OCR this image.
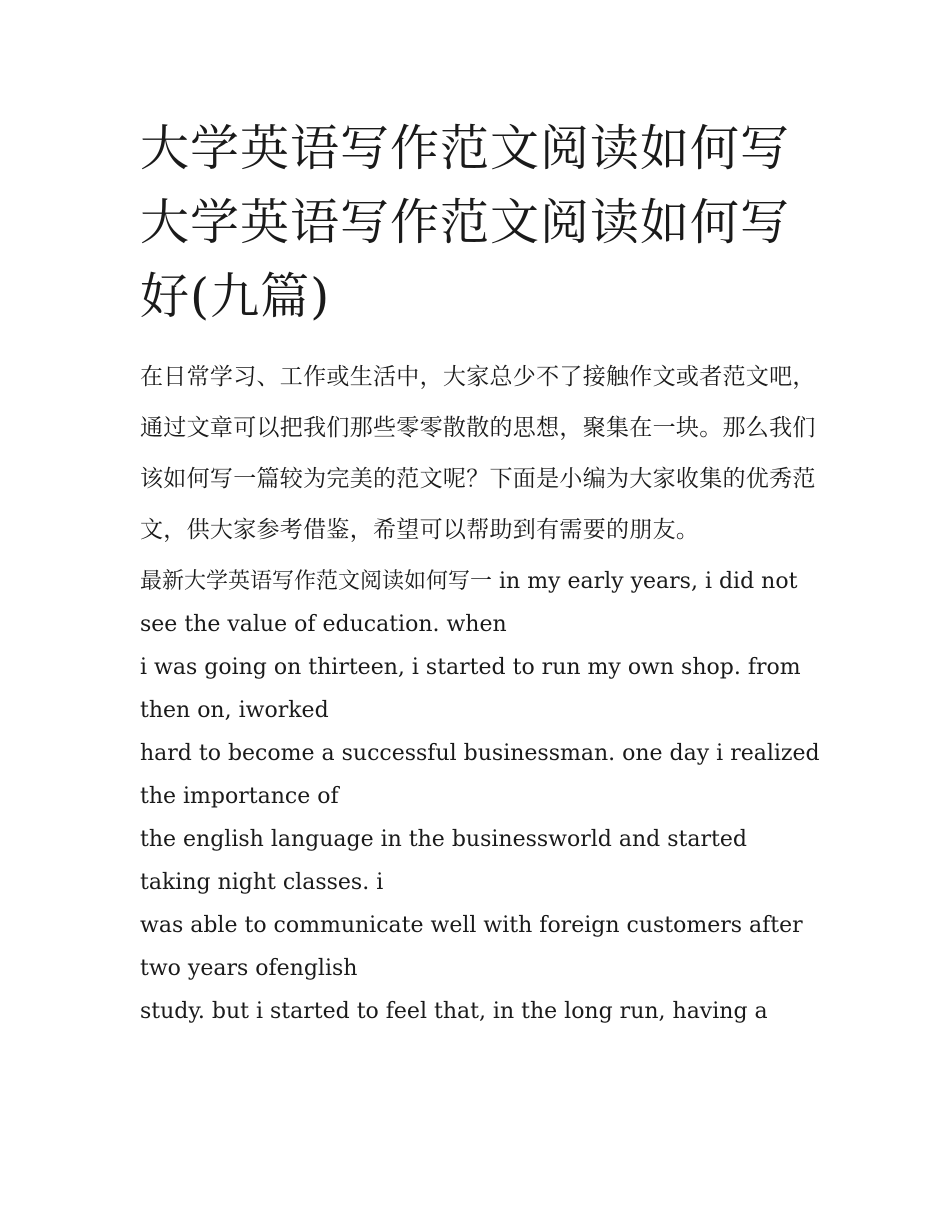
大学英语写作范文阅读如何写 大学英语写作范文阅读如何写好(九篇)

在日常学习、工作或生活中，大家总少不了接触作文或者范文吧，通过文章可以把我们那些零零散散的思想，聚集在一块。那么我们该如何写一篇较为完美的范文呢？下面是小编为大家收集的优秀范文，供大家参考借鉴，希望可以帮助到有需要的朋友。

最新大学英语写作范文阅读如何写一 in my early years, i did not see the value of education. when
i was going on thirteen, i started to run my own shop. from then on, iworked
hard to become a successful businessman. one day i realized the importance of
the english language in the businessworld and started taking night classes. i
was able to communicate well with foreign customers after two years ofenglish
study. but i started to feel that, in the long run, having a
